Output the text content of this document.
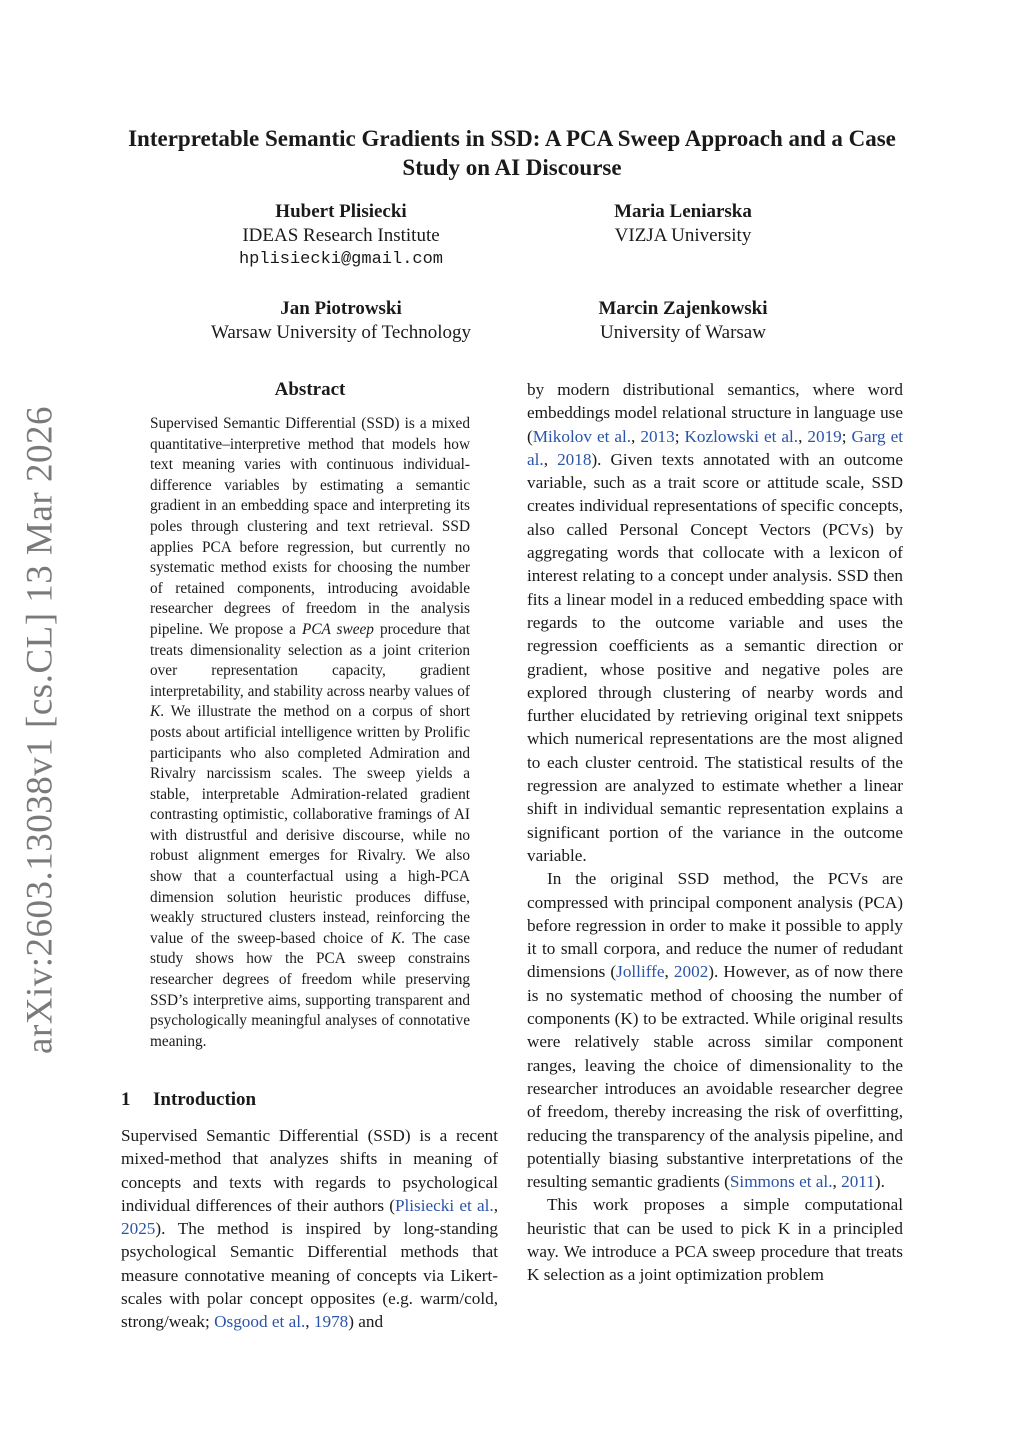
arXiv:2603.13038v1 [cs.CL] 13 Mar 2026
Interpretable Semantic Gradients in SSD: A PCA Sweep Approach and a Case Study on AI Discourse
Hubert Plisiecki
IDEAS Research Institute
hplisiecki@gmail.com
Maria Leniarska
VIZJA University
Jan Piotrowski
Warsaw University of Technology
Marcin Zajenkowski
University of Warsaw
Abstract
Supervised Semantic Differential (SSD) is a mixed quantitative–interpretive method that models how text meaning varies with continuous individual-difference variables by estimating a semantic gradient in an embedding space and interpreting its poles through clustering and text retrieval. SSD applies PCA before regression, but currently no systematic method exists for choosing the number of retained components, introducing avoidable researcher degrees of freedom in the analysis pipeline. We propose a PCA sweep procedure that treats dimensionality selection as a joint criterion over representation capacity, gradient interpretability, and stability across nearby values of K. We illustrate the method on a corpus of short posts about artificial intelligence written by Prolific participants who also completed Admiration and Rivalry narcissism scales. The sweep yields a stable, interpretable Admiration-related gradient contrasting optimistic, collaborative framings of AI with distrustful and derisive discourse, while no robust alignment emerges for Rivalry. We also show that a counterfactual using a high-PCA dimension solution heuristic produces diffuse, weakly structured clusters instead, reinforcing the value of the sweep-based choice of K. The case study shows how the PCA sweep constrains researcher degrees of freedom while preserving SSD’s interpretive aims, supporting transparent and psychologically meaningful analyses of connotative meaning.
1 Introduction
Supervised Semantic Differential (SSD) is a recent mixed-method that analyzes shifts in meaning of concepts and texts with regards to psychological individual differences of their authors (Plisiecki et al., 2025). The method is inspired by long-standing psychological Semantic Differential methods that measure connotative meaning of concepts via Likert-scales with polar concept opposites (e.g. warm/cold, strong/weak; Osgood et al., 1978) and

by modern distributional semantics, where word embeddings model relational structure in language use (Mikolov et al., 2013; Kozlowski et al., 2019; Garg et al., 2018). Given texts annotated with an outcome variable, such as a trait score or attitude scale, SSD creates individual representations of specific concepts, also called Personal Concept Vectors (PCVs) by aggregating words that collocate with a lexicon of interest relating to a concept under analysis. SSD then fits a linear model in a reduced embedding space with regards to the outcome variable and uses the regression coefficients as a semantic direction or gradient, whose positive and negative poles are explored through clustering of nearby words and further elucidated by retrieving original text snippets which numerical representations are the most aligned to each cluster centroid. The statistical results of the regression are analyzed to estimate whether a linear shift in individual semantic representation explains a significant portion of the variance in the outcome variable.

In the original SSD method, the PCVs are compressed with principal component analysis (PCA) before regression in order to make it possible to apply it to small corpora, and reduce the numer of redudant dimensions (Jolliffe, 2002). However, as of now there is no systematic method of choosing the number of components (K) to be extracted. While original results were relatively stable across similar component ranges, leaving the choice of dimensionality to the researcher introduces an avoidable researcher degree of freedom, thereby increasing the risk of overfitting, reducing the transparency of the analysis pipeline, and potentially biasing substantive interpretations of the resulting semantic gradients (Simmons et al., 2011).

This work proposes a simple computational heuristic that can be used to pick K in a principled way. We introduce a PCA sweep procedure that treats K selection as a joint optimization problem
